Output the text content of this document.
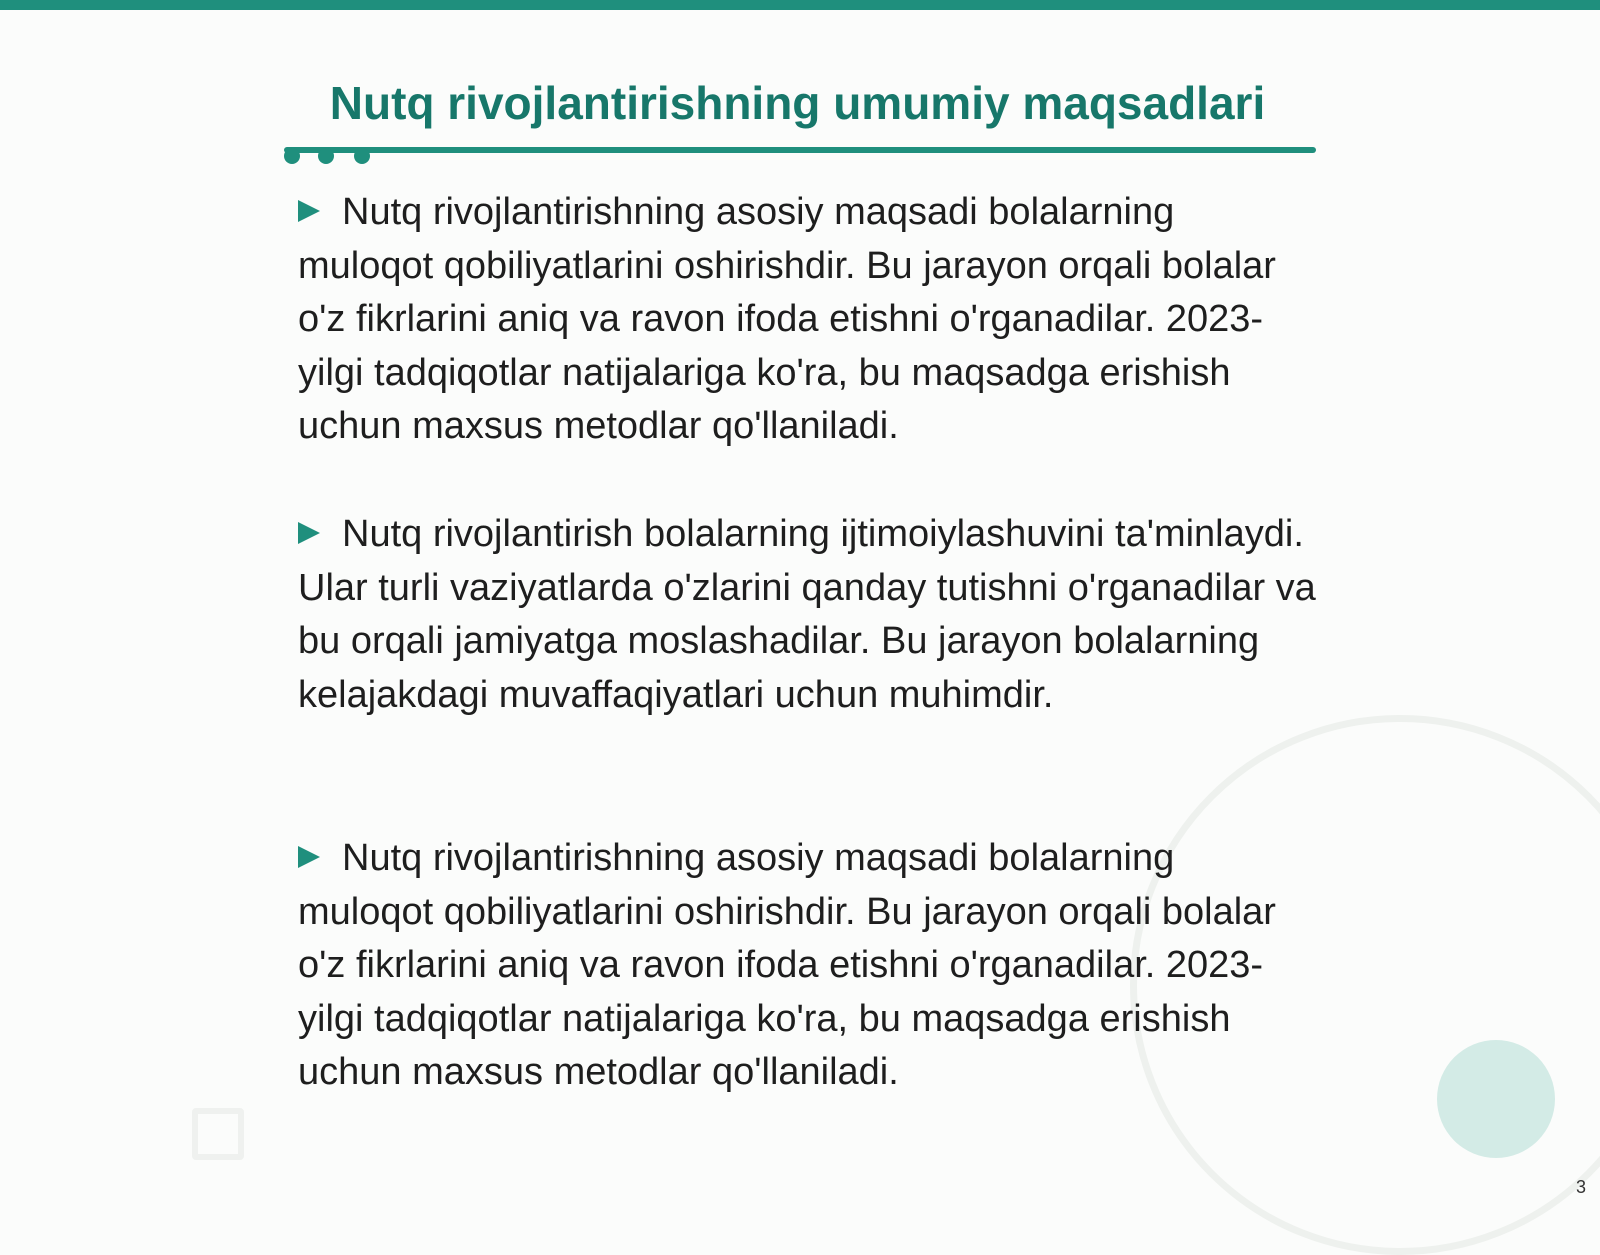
Nutq rivojlantirishning umumiy maqsadlari

Nutq rivojlantirishning asosiy maqsadi bolalarning muloqot qobiliyatlarini oshirishdir. Bu jarayon orqali bolalar o'z fikrlarini aniq va ravon ifoda etishni o'rganadilar. 2023-yilgi tadqiqotlar natijalariga ko'ra, bu maqsadga erishish uchun maxsus metodlar qo'llaniladi.

Nutq rivojlantirish bolalarning ijtimoiylashuvini ta'minlaydi. Ular turli vaziyatlarda o'zlarini qanday tutishni o'rganadilar va bu orqali jamiyatga moslashadilar. Bu jarayon bolalarning kelajakdagi muvaffaqiyatlari uchun muhimdir.

Nutq rivojlantirishning asosiy maqsadi bolalarning muloqot qobiliyatlarini oshirishdir. Bu jarayon orqali bolalar o'z fikrlarini aniq va ravon ifoda etishni o'rganadilar. 2023-yilgi tadqiqotlar natijalariga ko'ra, bu maqsadga erishish uchun maxsus metodlar qo'llaniladi.

3
